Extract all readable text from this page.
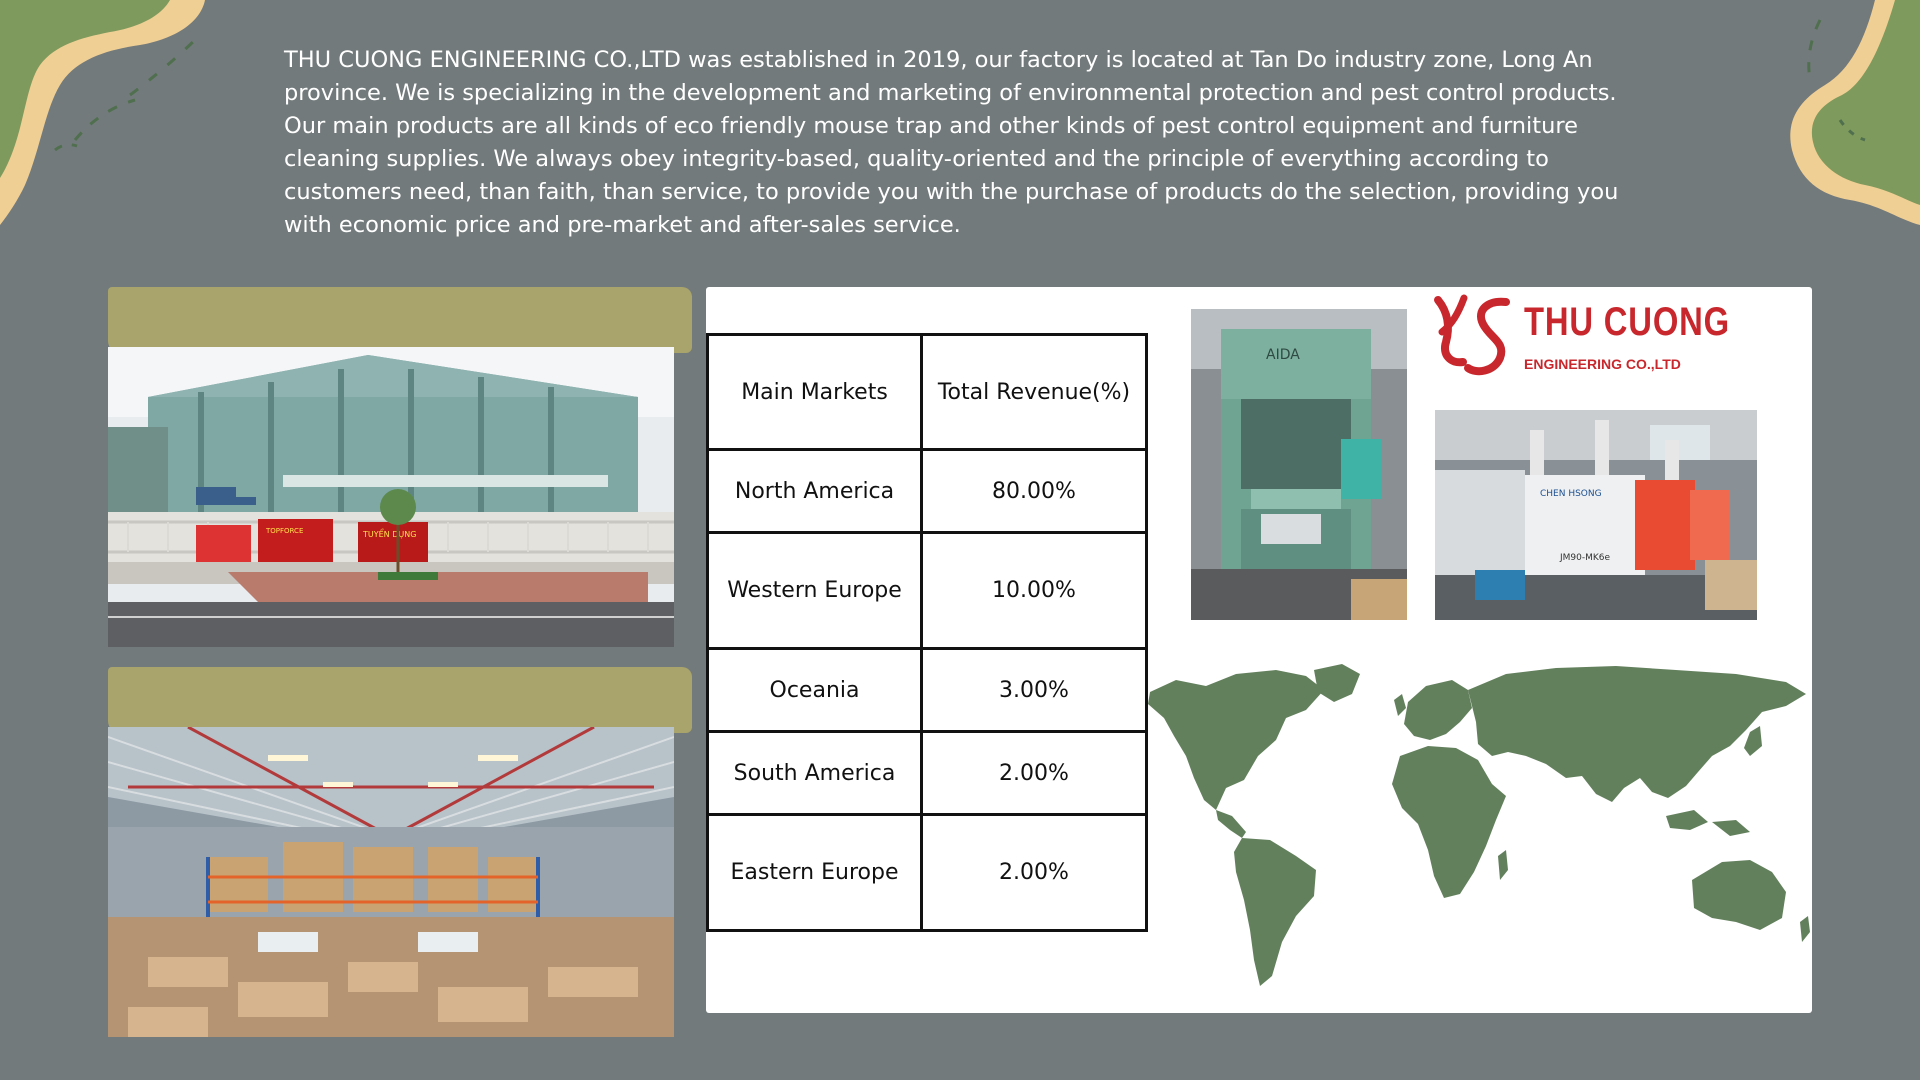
THU CUONG ENGINEERING CO.,LTD was established in 2019, our factory is located at Tan Do industry zone, Long An province. We is specializing in the development and marketing of environmental protection and pest control products. Our main products are all kinds of eco friendly mouse trap and other kinds of pest control equipment and furniture cleaning supplies. We always obey integrity-based, quality-oriented and the principle of everything according to customers need, than faith, than service, to provide you with the purchase of products do the selection, providing you with economic price and pre-market and after-sales service.

TOPFORCE	TUYỂN DỤNG
Main Markets	Total Revenue(%)
North America	80.00%
Western Europe	10.00%
Oceania	3.00%
South America	2.00%
Eastern Europe	2.00%
AIDA
CHEN HSONG
JM90-MK6e
THU CUONG
ENGINEERING CO.,LTD
